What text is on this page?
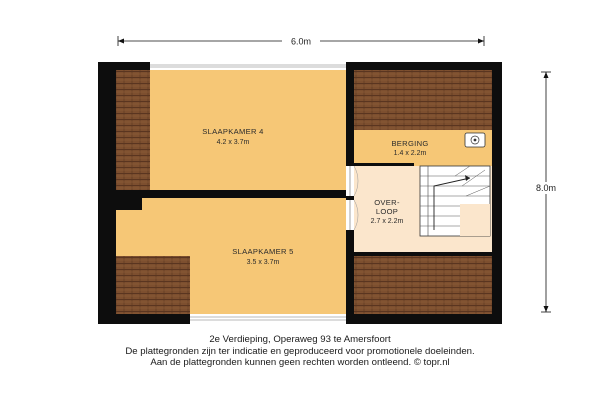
6.0m
8.0m
SLAAPKAMER 4
4.2 x 3.7m	BERGING
1.4 x 2.2m
OVER-
LOOP
2.7 x 2.2m
SLAAPKAMER 5
3.5 x 3.7m
2e Verdieping, Operaweg 93 te Amersfoort
De plattegronden zijn ter indicatie en geproduceerd voor promotionele doeleinden.
Aan de plattegronden kunnen geen rechten worden ontleend. © topr.nl
